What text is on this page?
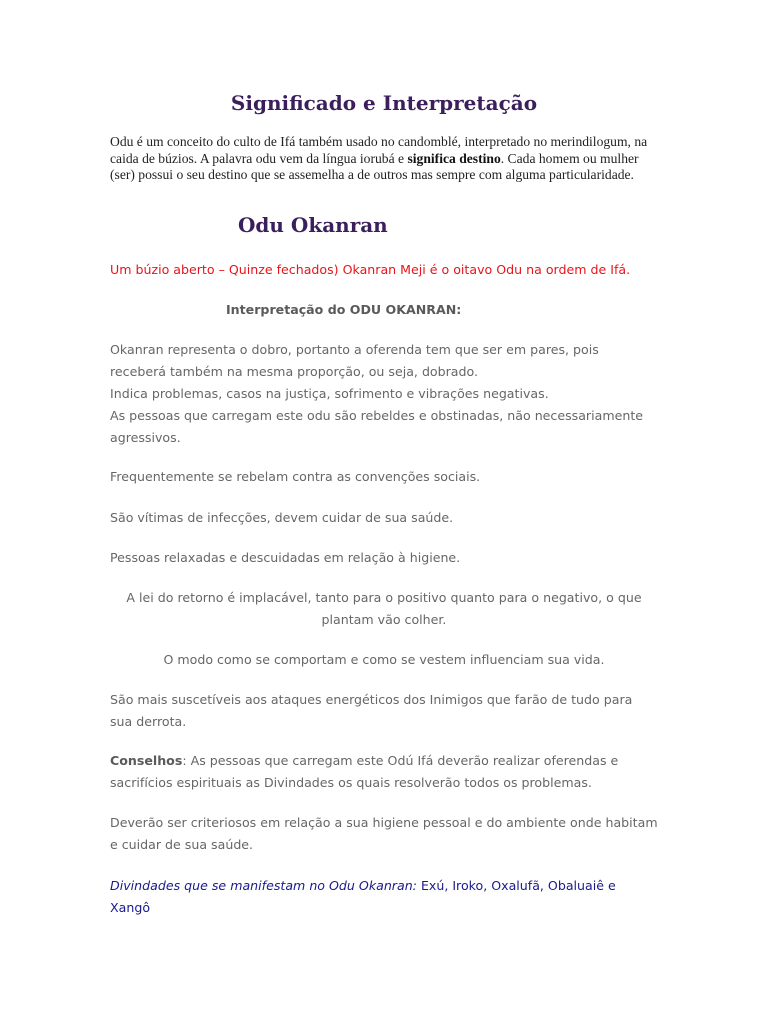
Significado e Interpretação
Odu é um conceito do culto de Ifá também usado no candomblé, interpretado no merindilogum, na caida de búzios. A palavra odu vem da língua iorubá e significa destino. Cada homem ou mulher (ser) possui o seu destino que se assemelha a de outros mas sempre com alguma particularidade.
Odu Okanran
Um búzio aberto – Quinze fechados) Okanran Meji é o oitavo Odu na ordem de Ifá.
Interpretação do ODU OKANRAN:
Okanran representa o dobro, portanto a oferenda tem que ser em pares, pois receberá também na mesma proporção, ou seja, dobrado.
Indica problemas, casos na justiça, sofrimento e vibrações negativas.
As pessoas que carregam este odu são rebeldes e obstinadas, não necessariamente agressivos.
Frequentemente se rebelam contra as convenções sociais.
São vítimas de infecções, devem cuidar de sua saúde.
Pessoas relaxadas e descuidadas em relação à higiene.
A lei do retorno é implacável, tanto para o positivo quanto para o negativo, o que plantam vão colher.
O modo como se comportam e como se vestem influenciam sua vida.
São mais suscetíveis aos ataques energéticos dos Inimigos que farão de tudo para sua derrota.
Conselhos: As pessoas que carregam este Odú Ifá deverão realizar oferendas e sacrifícios espirituais as Divindades os quais resolverão todos os problemas.
Deverão ser criteriosos em relação a sua higiene pessoal e do ambiente onde habitam e cuidar de sua saúde.
Divindades que se manifestam no Odu Okanran: Exú, Iroko, Oxalufã, Obaluaiê e Xangô
